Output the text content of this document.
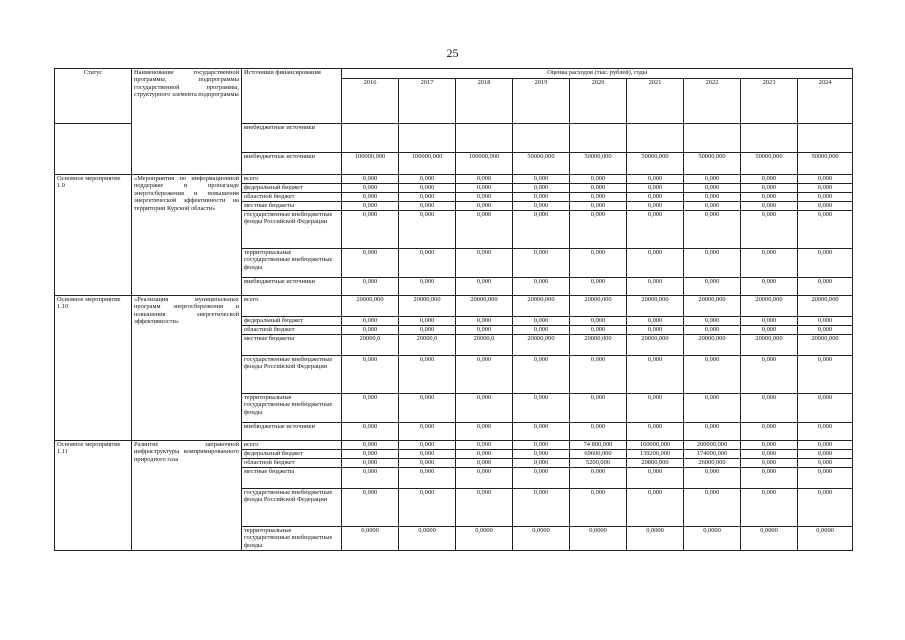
25
Статус	Наименование государственной программы, подпрограммы государственной программы, структурного элемента подпрограммы	Источники финансирования	Оценка расходов (тыс. рублей), годы								
			2016	2017	2018	2019	2020	2021	2022	2023	2024
		внебюджетные источники									
		внебюджетные источники	100000,000	100000,000	100000,000	50000,000	50000,000	50000,000	50000,000	50000,000	50000,000
Основное мероприятие 1.9	«Мероприятия по информационной поддержке и пропаганде энергосбережения и повышения энергетической эффективности на территории Курской области»	всего	0,000	0,000	0,000	0,000	0,000	0,000	0,000	0,000	0,000
		федеральный бюджет	0,000	0,000	0,000	0,000	0,000	0,000	0,000	0,000	0,000
		областной бюджет	0,000	0,000	0,000	0,000	0,000	0,000	0,000	0,000	0,000
		местные бюджеты	0,000	0,000	0,000	0,000	0,000	0,000	0,000	0,000	0,000
		государственные внебюджетные фонды Российской Федерации	0,000	0,000	0,000	0,000	0,000	0,000	0,000	0,000	0,000
		территориальные государственные внебюджетные фонды	0,000	0,000	0,000	0,000	0,000	0,000	0,000	0,000	0,000
		внебюджетные источники	0,000	0,000	0,000	0,000	0,000	0,000	0,000	0,000	0,000
Основное мероприятие 1.10	«Реализация муниципальных программ энергосбережения и повышения энергетической эффективности»	всего	20000,000	20000,000	20000,000	20000,000	20000,000	20000,000	20000,000	20000,000	20000,000
		федеральный бюджет	0,000	0,000	0,000	0,000	0,000	0,000	0,000	0,000	0,000
		областной бюджет	0,000	0,000	0,000	0,000	0,000	0,000	0,000	0,000	0,000
		местные бюджеты	20000,0	20000,0	20000,0	20000,000	20000,000	20000,000	20000,000	20000,000	20000,000
		государственные внебюджетные фонды Российской Федерации	0,000	0,000	0,000	0,000	0,000	0,000	0,000	0,000	0,000
		территориальные государственные внебюджетные фонды	0,000	0,000	0,000	0,000	0,000	0,000	0,000	0,000	0,000
		внебюджетные источники	0,000	0,000	0,000	0,000	0,000	0,000	0,000	0,000	0,000
Основное мероприятие 1.11	Развитие заправочной инфраструктуры компримированного природного газа	всего	0,000	0,000	0,000	0,000	74 800,000	160000,000	200000,000	0,000	0,000
		федеральный бюджет	0,000	0,000	0,000	0,000	69600,000	139200,000	174000,000	0,000	0,000
		областной бюджет	0,000	0,000	0,000	0,000	5200,000	20800,000	26000,000	0,000	0,000
		местные бюджеты	0,000	0,000	0,000	0,000	0,000	0,000	0,000	0,000	0,000
		государственные внебюджетные фонды Российской Федерации	0,000	0,000	0,000	0,000	0,000	0,000	0,000	0,000	0,000
		территориальные государственные внебюджетные фонды	0,0000	0,0000	0,0000	0,0000	0,0000	0,0000	0,0000	0,0000	0,0000
